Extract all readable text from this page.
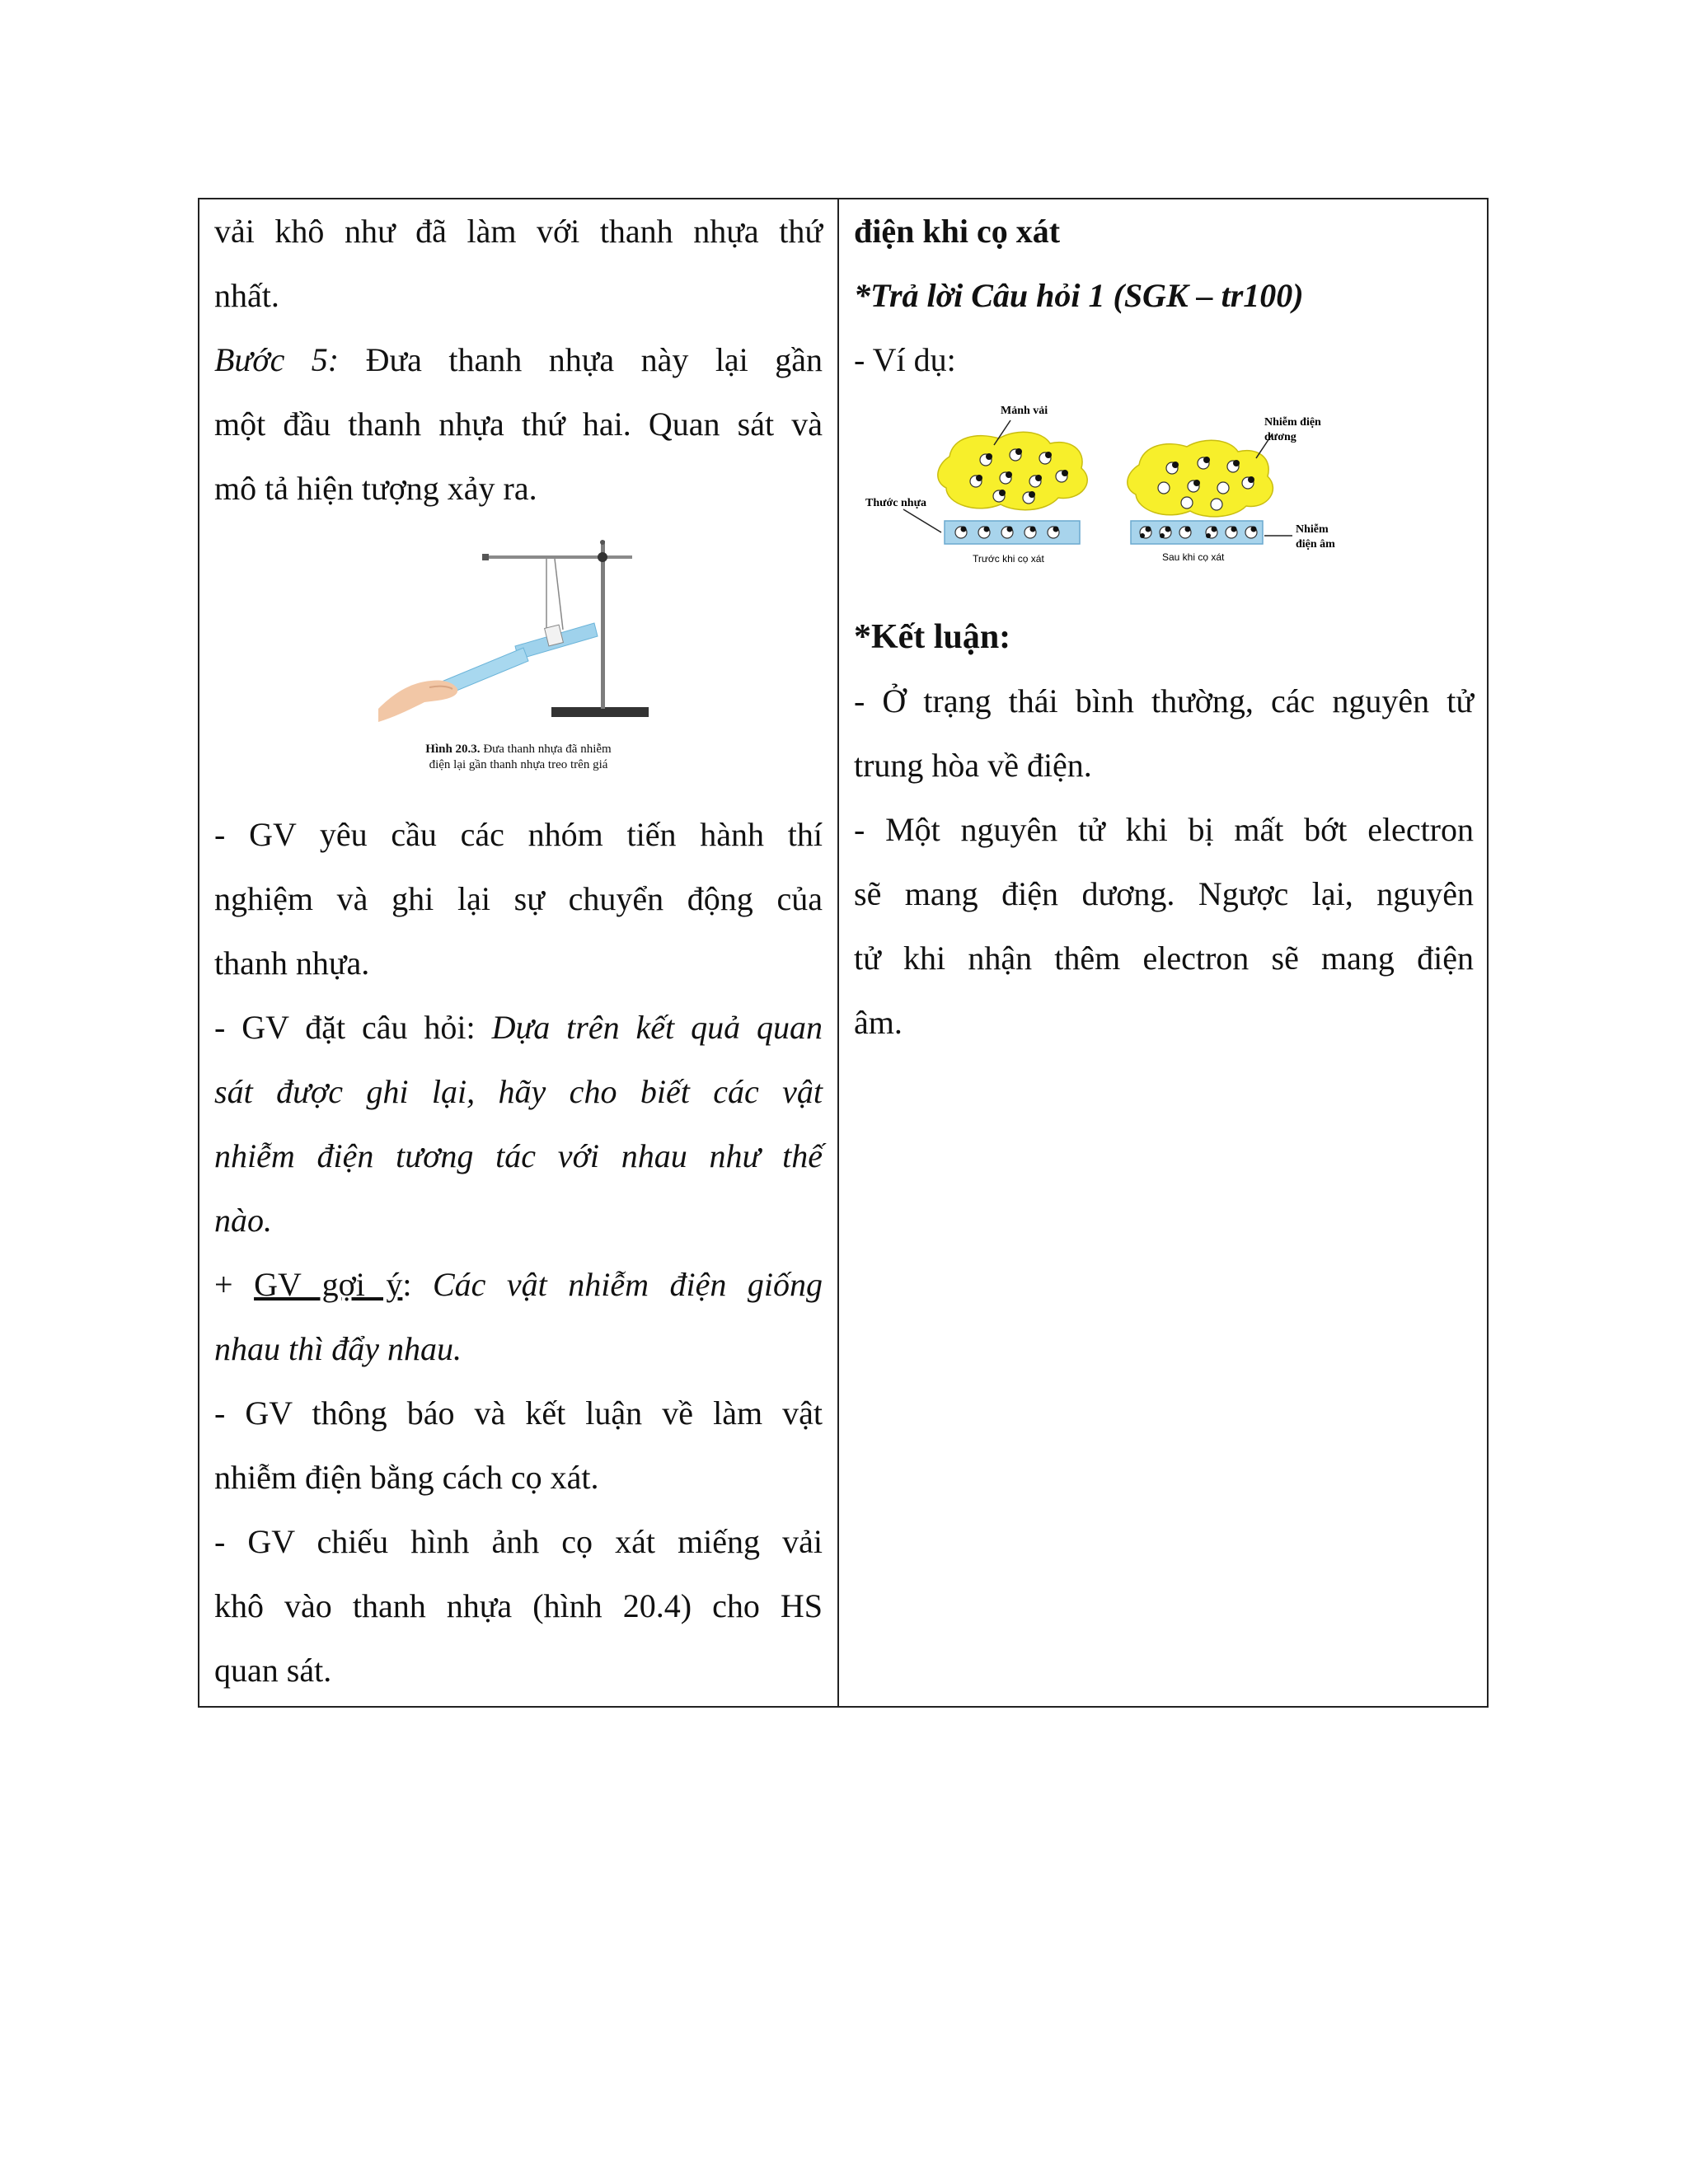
vải khô như đã làm với thanh nhựa thứ

nhất.

Bước 5: Đưa thanh nhựa này lại gần

một đầu thanh nhựa thứ hai. Quan sát và

mô tả hiện tượng xảy ra.

Hình 20.3. Đưa thanh nhựa đã nhiễm
điện lại gần thanh nhựa treo trên giá

- GV yêu cầu các nhóm tiến hành thí

nghiệm và ghi lại sự chuyển động của

thanh nhựa.

- GV đặt câu hỏi: Dựa trên kết quả quan

sát được ghi lại, hãy cho biết các vật

nhiễm điện tương tác với nhau như thế

nào.

+ GV gợi ý: Các vật nhiễm điện giống

nhau thì đẩy nhau.

- GV thông báo và kết luận về làm vật

nhiễm điện bằng cách cọ xát.

- GV chiếu hình ảnh cọ xát miếng vải

khô vào thanh nhựa (hình 20.4) cho HS

quan sát.

điện khi cọ xát

*Trả lời Câu hỏi 1 (SGK – tr100)

- Ví dụ:

Mảnh vải
Thước nhựa
Nhiễm điện
dương
Nhiễm
điện âm
Trước khi cọ xát	Sau khi cọ xát

*Kết luận:

- Ở trạng thái bình thường, các nguyên tử

trung hòa về điện.

- Một nguyên tử khi bị mất bớt electron

sẽ mang điện dương. Ngược lại, nguyên

tử khi nhận thêm electron sẽ mang điện

âm.
